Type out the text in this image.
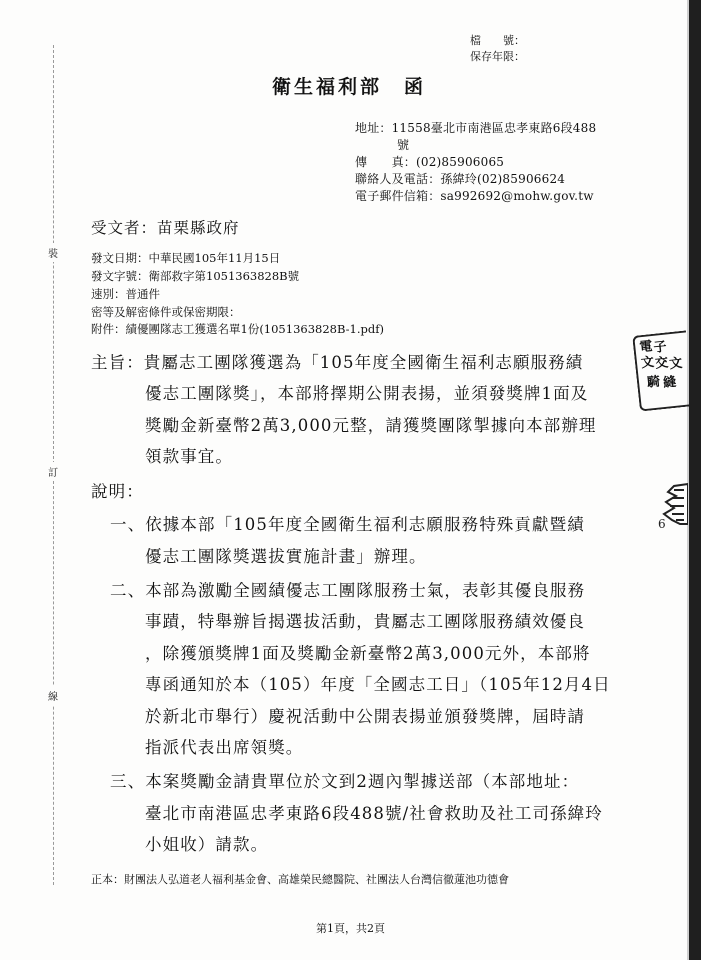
裝
訂
線
檔　　號：
保存年限：
衛生福利部　函
地址：11558臺北市南港區忠孝東路6段488
號
傳　　真：(02)85906065
聯絡人及電話：孫緯玲(02)85906624
電子郵件信箱：sa992692@mohw.gov.tw
受文者：苗栗縣政府
發文日期：中華民國105年11月15日
發文字號：衛部救字第1051363828B號
速別：普通件
密等及解密條件或保密期限：
附件：績優團隊志工獲選名單1份(1051363828B-1.pdf)
主旨：貴屬志工團隊獲選為「105年度全國衛生福利志願服務績
優志工團隊獎」，本部將擇期公開表揚，並須發獎牌1面及
獎勵金新臺幣2萬3,000元整，請獲獎團隊掣據向本部辦理
領款事宜。
說明：
一、依據本部「105年度全國衛生福利志願服務特殊貢獻暨績
優志工團隊獎選拔實施計畫」辦理。
二、本部為激勵全國績優志工團隊服務士氣，表彰其優良服務
事蹟，特舉辦旨揭選拔活動，貴屬志工團隊服務績效優良
，除獲頒獎牌1面及獎勵金新臺幣2萬3,000元外，本部將
專函通知於本（105）年度「全國志工日」（105年12月4日
於新北市舉行）慶祝活動中公開表揚並頒發獎牌，屆時請
指派代表出席領獎。
三、本案獎勵金請貴單位於文到2週內掣據送部（本部地址：
臺北市南港區忠孝東路6段488號/社會救助及社工司孫緯玲
小姐收）請款。
正本：財團法人弘道老人福利基金會、高雄榮民總醫院、社團法人台灣信徹蓮池功德會
第1頁，共2頁
電 子
文 交 文
騎 縫
6
